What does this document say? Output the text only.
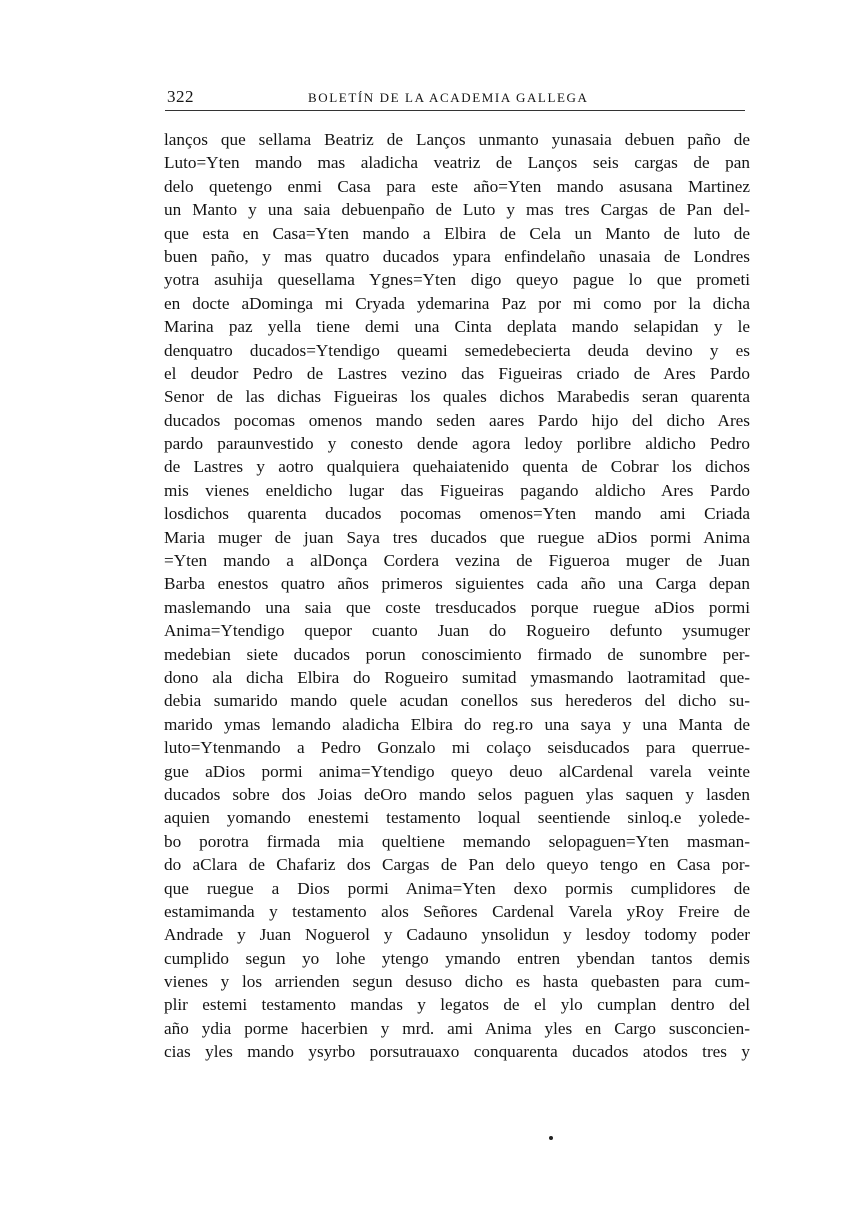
322	BOLETÍN DE LA ACADEMIA GALLEGA
lanços que sellama Beatriz de Lanços unmanto yunasaia debuen paño de
Luto=Yten mando mas aladicha veatriz de Lanços seis cargas de pan
delo quetengo enmi Casa para este año=Yten mando asusana Martinez
un Manto y una saia debuenpaño de Luto y mas tres Cargas de Pan del-
que esta en Casa=Yten mando a Elbira de Cela un Manto de luto de
buen paño, y mas quatro ducados ypara enfindelaño unasaia de Londres
yotra asuhija quesellama Ygnes=Yten digo queyo pague lo que prometi
en docte aDominga mi Cryada ydemarina Paz por mi como por la dicha
Marina paz yella tiene demi una Cinta deplata mando selapidan y le
denquatro ducados=Ytendigo queami semedebecierta deuda devino y es
el deudor Pedro de Lastres vezino das Figueiras criado de Ares Pardo
Senor de las dichas Figueiras los quales dichos Marabedis seran quarenta
ducados pocomas omenos mando seden aares Pardo hijo del dicho Ares
pardo paraunvestido y conesto dende agora ledoy porlibre aldicho Pedro
de Lastres y aotro qualquiera quehaiatenido quenta de Cobrar los dichos
mis vienes eneldicho lugar das Figueiras pagando aldicho Ares Pardo
losdichos quarenta ducados pocomas omenos=Yten mando ami Criada
Maria muger de juan Saya tres ducados que ruegue aDios pormi Anima
=Yten mando a alDonça Cordera vezina de Figueroa muger de Juan
Barba enestos quatro años primeros siguientes cada año una Carga depan
maslemando una saia que coste tresducados porque ruegue aDios pormi
Anima=Ytendigo quepor cuanto Juan do Rogueiro defunto ysumuger
medebian siete ducados porun conoscimiento firmado de sunombre per-
dono ala dicha Elbira do Rogueiro sumitad ymasmando laotramitad que-
debia sumarido mando quele acudan conellos sus herederos del dicho su-
marido ymas lemando aladicha Elbira do reg.ro una saya y una Manta de
luto=Ytenmando a Pedro Gonzalo mi colaço seisducados para querrue-
gue aDios pormi anima=Ytendigo queyo deuo alCardenal varela veinte
ducados sobre dos Joias deOro mando selos paguen ylas saquen y lasden
aquien yomando enestemi testamento loqual seentiende sinloq.e yolede-
bo porotra firmada mia queltiene memando selopaguen=Yten masman-
do aClara de Chafariz dos Cargas de Pan delo queyo tengo en Casa por-
que ruegue a Dios pormi Anima=Yten dexo pormis cumplidores de
estamimanda y testamento alos Señores Cardenal Varela yRoy Freire de
Andrade y Juan Noguerol y Cadauno ynsolidun y lesdoy todomy poder
cumplido segun yo lohe ytengo ymando entren ybendan tantos demis
vienes y los arrienden segun desuso dicho es hasta quebasten para cum-
plir estemi testamento mandas y legatos de el ylo cumplan dentro del
año ydia porme hacerbien y mrd. ami Anima yles en Cargo susconcien-
cias yles mando ysyrbo porsutrauaxo conquarenta ducados atodos tres y
